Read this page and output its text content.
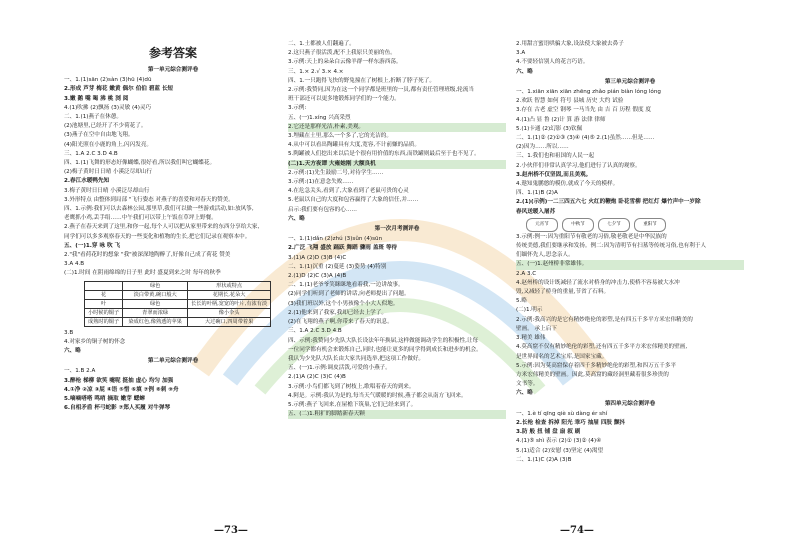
参考答案

第一单元综合测评卷

一、1.(1)sān (2)sàn (3)hū (4)dū

2.形成 芦芽 梅花 嫩黄 偶尔 伯伯 碧蓝 长短

3.嫩 鹅 嘴 喝 沸 桃 浏 阅

4.(1)吹拂 (2)飘扬 (3)灵敏 (4)灵巧

二、1.(1)燕子在休憩。

(2)池塘里,已经开了不少荷花了。

(3)燕子在空中自由地飞翔。

(4)阳光照在小鹿的角上,闪闪发亮。

三、1.A 2.C 3.D 4.B

四、1.(1)飞舞的形态好像蝴蝶,很好看,所以我们叫它蝴蝶花。

(2)梅子黄时日日晴 小溪泛尽却山行

2.春江水暖鸭先知

3.梅子黄时日日晴 小溪泛尽却山行

3.外形特点 由整体到局部 "飞行姿态 对燕子的喜爱和对春天的赞美。

四、1.示例:我们可以去森林公园,那里草,我们可以做一些游戏活动,如:放风筝,

老鹰抓小鸡,丢手绢……中午我们可以带上午饭在草坪上野餐。

2.燕子在春天来到了这里,和你一起,每个人可以把从家里带来的东西分享给大家,

同学们可以多多观察春天的一些变化和植物的生长,把它们记录在观察本中。

五、(一)1.穿 咏 吹 飞

2."我"看荷花时的想象 "我"被深深地陶醉了,好像自己成了荷花 赞美

3.A 4.B

(二)1.时间 在阴雨绵绵的日子里 此时 盛夏到来之时 每年的秋季

	绿色	形状或特点
花	淡白带黄,碗口般大	花期长,花朵大
叶	绿色	长长的叶柄,宽宽的叶片,有浓有淡
小时候的铜子	青翠而浓绿	像小伞头
成熟时的铜子	染成红色,像熟透的苹果	大过碗口,四周带着果

3.B

4.对家乡的铜子树的怀念

六、略

第二单元综合测评卷

一、1.B 2.A

3.醉枪 梯柳 欲笑 嚏呢 挺抽 虚心 均匀 加强

4.①净 ②凉 ③屁 ④语 ⑤惜 ⑥填 ⑦例 ⑧刺 ⑨舟

5.嘀嘀嗒嗒 鸣哨 摘取 嫩芽 蟋蟀

6.自相矛盾 杯弓蛇影 ⑦郑人买履 对牛弹琴

二、1.土都被人们翻遍了。

2.这只燕子很活泼,配不上我原只美丽的鱼。

3.示例:天上的朵朵白云像羊群一样东游西荡。

三、1.× 2.√ 3.× 4.×

四、1.一只跑得飞快的野兔撞在了树根上,折断了脖子死了。

2.示例:我赞同,因为在这一个同学都是班里的一员,都有责任管理班级,轮流当

班干部还可以更多地锻炼同学们的一个能力。

3.示例:

五、(一)1.xíng 兴高采烈

2.它还是那样光洁,朴素,美观。

3.埋藏在土里,那么一个多了,它的光洁的。

4.从中可以看出陶罐具有大度,宽容,不计前嫌的品质。

5.陶罐被人们挖出来以后是个很有用价值的东西,而铁罐则最后至于也不见了。

(二)1.天方夜谭 大雍她刚 大额良机

2.示例:(1)先生鼓励二号,对待学生……

3.示例:(1)在意念失败……

4.在危急关头,看到了,大象看到了老鼠可贵的心灵

5.老鼠以自己的大度和包容赢得了大象的信任,并……

启示:我们要有包容的心……

六、略

第一次月考测评卷

一、1.(1)dǎn (2)zhú (3)sǔn (4)sūn

2.广泛 飞翔 盛放 踊跃 舞蹈 骤雨 盖斑 等待

3.(1)A (2)D (3)B (4)C

二、1.(1)沉重 (2)蔓延 (3)姿势 (4)特别

2.(1)D (2)C (3)A (4)B

二、1.(1)老爷爷笑眯眯地看着我,一边讲故事。

(2)同学们听到了老师的讲话,向老师提出了问题。

(3)我们班以外,这个小男孩像个小大人似地。

2.(1)他来到了我家,我却已经去上学了。

(2)在飞翔的燕子啊,你带来了春天的讯息。

三、1.A 2.C 3.D 4.B

四、示例:我赞同少先队大队长设法年年换届,这样做能调动学生的积极性,让每

一位同学都有机会来锻炼自己,同时,也能让更多的同学得到成长和进步的机会。

我认为少先队大队长由大家共同选举,把这项工作做好。

五、(一)1.示例:调皮活泼,可爱的小燕子。

2.(1)A (2)C (3)C (4)B

3.示例:小鸟们都飞到了树枝上,歌唱着春天的到来。

4.阿是。示例:我认为是的,每当天气暖暖的时候,燕子都会从南方飞回来。

5.示例:燕子飞回来,在屋檐下筑巢,它们已经来到了。

五、(二)1.粗犷的脚踏新春天颗

2.用甜言蜜语哄骗大象,设法使大象被去鼻子

3.A

4.不要轻信别人的花言巧语。

六、略

第三单元综合测评卷

一、1.xiān xiān xiān zhēng zhǎo pián biàn lóng lóng

2.欢跃 智慧 如何 符号 县城 历史 大约 试验

3.存在 古老 虚空 钢琴 一马当先 由 吉 百 历程 假度 度

4.(1)凸 显 鲁 (2)计 算 游 法律 律师

5.(1)卡通 (2)幻影 (3)钦佩

二、1.(1)② (2)①③ (3)④ (4)⑤ 2.(1)虽然……但是……

(2)因为……所以……

三、1.我们也和祖国的人民一起

2.小伙伴们非常认真学习,他们进行了认真的观察。

3.赵州桥不仅坚固,而且美观。

4.遨知鬼鹏憨的模仿,就成了今天的模样。

四、1.(1)B (2)A

2.(1)(示例)一二三四五六七 火红的鞭炮 卧花雪柳 把红灯 爆竹声中一岁除

春风送暖入屠苏

元宵节	中秋节	七夕节	重阳节

3.示例:例一:因为重阳节有敬老的习俗,敬老敬老是中华民族的

传统美德,我们要继承和发扬。例二:因为清明节有扫墓等传统习俗,也有利于人

们缅怀先人,思念亲人。

五、(一)1.赵州桥非常雄伟。

2.A 3.C

4.赵州桥的设计既减轻了流水对桥身的冲击力,使桥不容易被大水冲

毁,又减轻了桥身的重量,节省了石料。

5.略

(二)1.明示

2.示例:我高兴的是它有精妙绝伦的彩塑,是有四五千多平方米宏伟精美的

壁画。 承上启下

3.精美 雄伟

4.莫高窟不仅有精妙绝伦的彩塑,还有四五千多平方米宏伟精美的壁画,

是世界闻名的艺术宝库,是国家宝藏。

5.示例:因为莫高窟保存着四千多精妙绝伦的彩塑,和四万五千多平

方米宏伟精美的壁画。因此,莫高窟的藏经洞里藏着很多珍贵的

文书等。

六、略

第四单元综合测评卷

一、1.è tí qīng qiè sù dàng ér shí

2.长枪 检查 拆掉 阳光 乖巧 抽屉 四肢 颤抖

3.防 般 扭 铺 盘 扇 叙 刷

4.(1)⑤ shì 表示 (2)① (3)② (4)④

5.(1)适合 (2)安慰 (3)坚定 (4)渴望

二、1.(1)C (2)A (3)B

—73—	—74—
